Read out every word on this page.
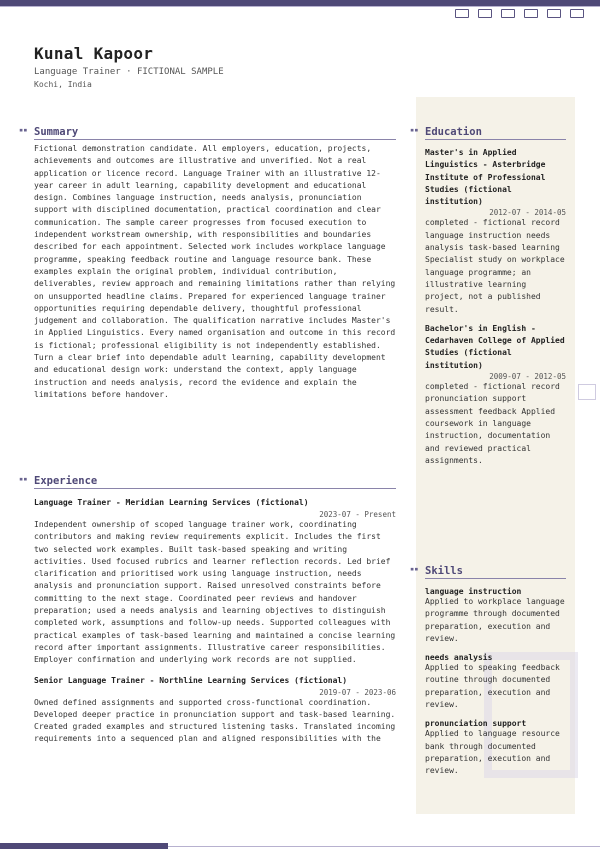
Kunal Kapoor
Language Trainer · FICTIONAL SAMPLE
Kochi, India
▪▪ Summary

Fictional demonstration candidate. All employers, education, projects, achievements and outcomes are illustrative and unverified. Not a real application or licence record. Language Trainer with an illustrative 12-year career in adult learning, capability development and educational design. Combines language instruction, needs analysis, pronunciation support with disciplined documentation, practical coordination and clear communication. The sample career progresses from focused execution to independent workstream ownership, with responsibilities and boundaries described for each appointment. Selected work includes workplace language programme, speaking feedback routine and language resource bank. These examples explain the original problem, individual contribution, deliverables, review approach and remaining limitations rather than relying on unsupported headline claims. Prepared for experienced language trainer opportunities requiring dependable delivery, thoughtful professional judgement and collaboration. The qualification narrative includes Master's in Applied Linguistics. Every named organisation and outcome in this record is fictional; professional eligibility is not independently established. Turn a clear brief into dependable adult learning, capability development and educational design work: understand the context, apply language instruction and needs analysis, record the evidence and explain the limitations before handover.

▪▪ Experience
Language Trainer - Meridian Learning Services (fictional)
2023-07 - Present

Independent ownership of scoped language trainer work, coordinating contributors and making review requirements explicit. Includes the first two selected work examples. Built task-based speaking and writing activities. Used focused rubrics and learner reflection records. Led brief clarification and prioritised work using language instruction, needs analysis and pronunciation support. Raised unresolved constraints before committing to the next stage. Coordinated peer reviews and handover preparation; used a needs analysis and learning objectives to distinguish completed work, assumptions and follow-up needs. Supported colleagues with practical examples of task-based learning and maintained a concise learning record after important assignments. Illustrative career responsibilities. Employer confirmation and underlying work records are not supplied.

Senior Language Trainer - Northline Learning Services (fictional)
2019-07 - 2023-06

Owned defined assignments and supported cross-functional coordination. Developed deeper practice in pronunciation support and task-based learning. Created graded examples and structured listening tasks. Translated incoming requirements into a sequenced plan and aligned responsibilities with the

▪▪ Education
Master's in Applied Linguistics - Asterbridge Institute of Professional Studies (fictional institution)
2012-07 - 2014-05
completed - fictional record language instruction needs analysis task-based learning Specialist study on workplace language programme; an illustrative learning project, not a published result.
Bachelor's in English - Cedarhaven College of Applied Studies (fictional institution)
2009-07 - 2012-05
completed - fictional record pronunciation support assessment feedback Applied coursework in language instruction, documentation and reviewed practical assignments.
▪▪ Skills
language instruction
Applied to workplace language programme through documented preparation, execution and review.
needs analysis
Applied to speaking feedback routine through documented preparation, execution and review.
pronunciation support
Applied to language resource bank through documented preparation, execution and review.
